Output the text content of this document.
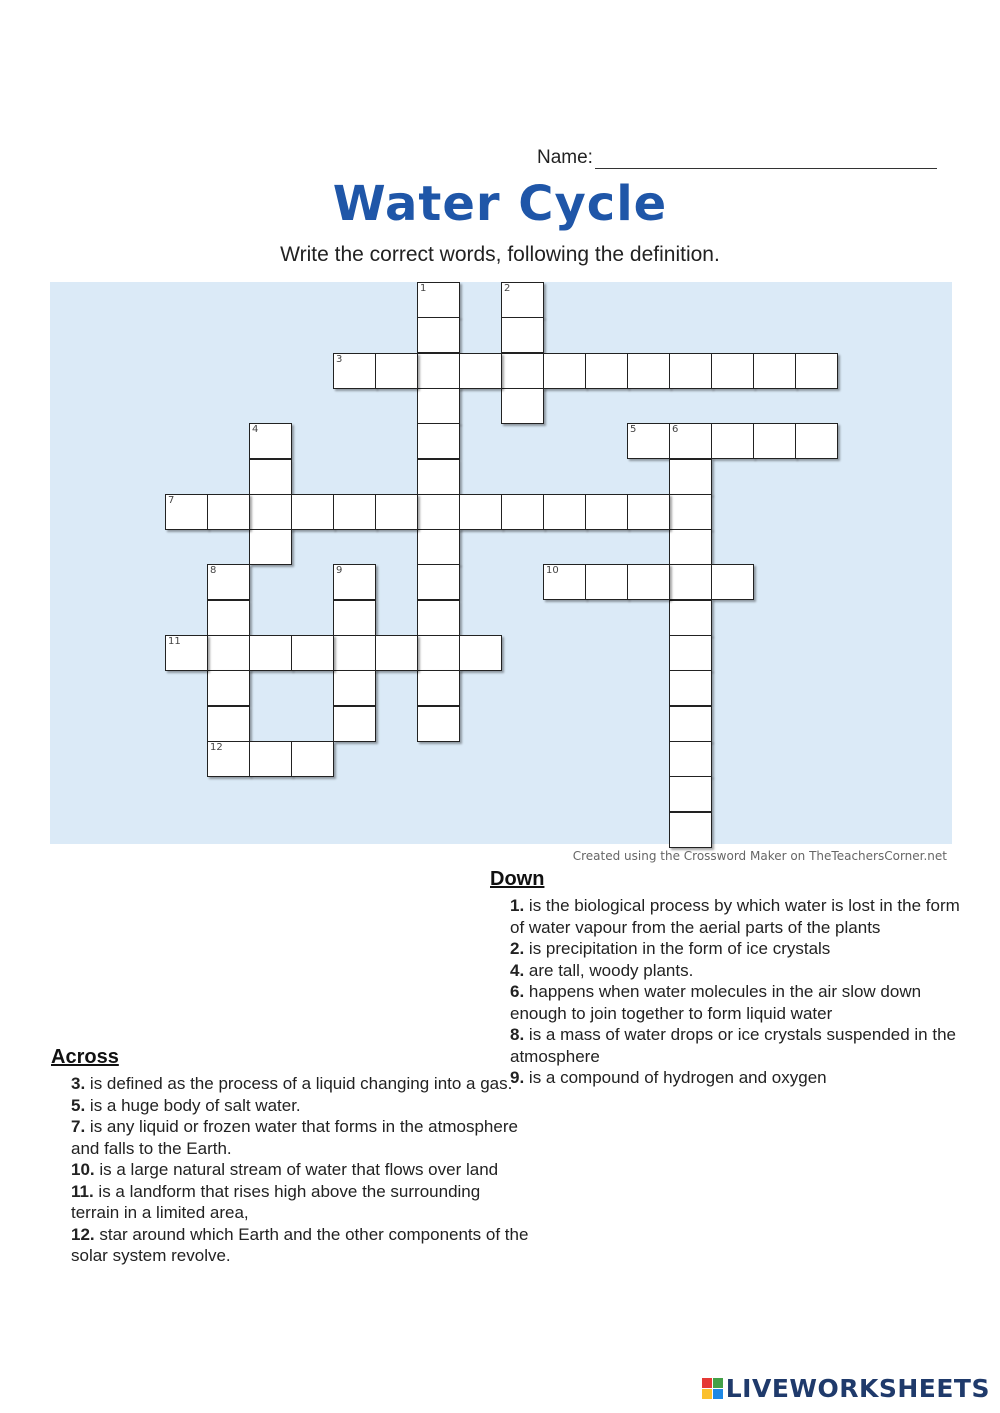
Name:
Water Cycle
Write the correct words, following the definition.
1	2
3
4	5	6
7
8
12
9	10
11
Created using the Crossword Maker on TheTeachersCorner.net
Down
1. is the biological process by which water is lost in the form of water vapour from the aerial parts of the plants
2. is precipitation in the form of ice crystals
4. are tall, woody plants.
6. happens when water molecules in the air slow down enough to join together to form liquid water
8. is a mass of water drops or ice crystals suspended in the atmosphere
9. is a compound of hydrogen and oxygen
Across
3. is defined as the process of a liquid changing into a gas.
5. is a huge body of salt water.
7. is any liquid or frozen water that forms in the atmosphere and falls to the Earth.
10. is a large natural stream of water that flows over land
11. is a landform that rises high above the surrounding terrain in a limited area,
12. star around which Earth and the other components of the solar system revolve.
LIVEWORKSHEETS
